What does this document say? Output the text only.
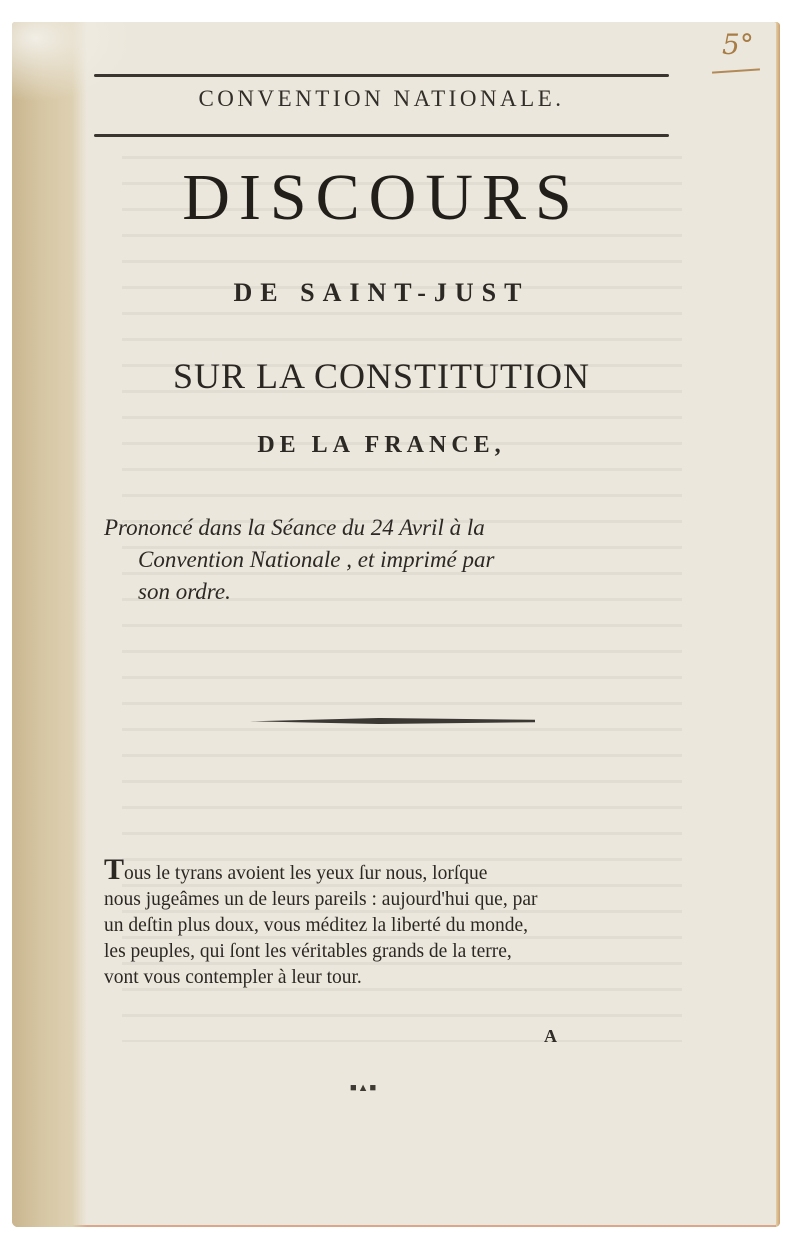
5°
CONVENTION NATIONALE.
DISCOURS
DE SAINT-JUST
SUR LA CONSTITUTION
DE LA FRANCE,
Prononcé dans la Séance du 24 Avril à la
Convention Nationale , et imprimé par
son ordre.
Tous le tyrans avoient les yeux ſur nous, lorſque
nous jugeâmes un de leurs pareils : aujourd'hui que, par
un deſtin plus doux, vous méditez la liberté du monde,
les peuples, qui ſont les véritables grands de la terre,
vont vous contempler à leur tour.
A
■▲■
